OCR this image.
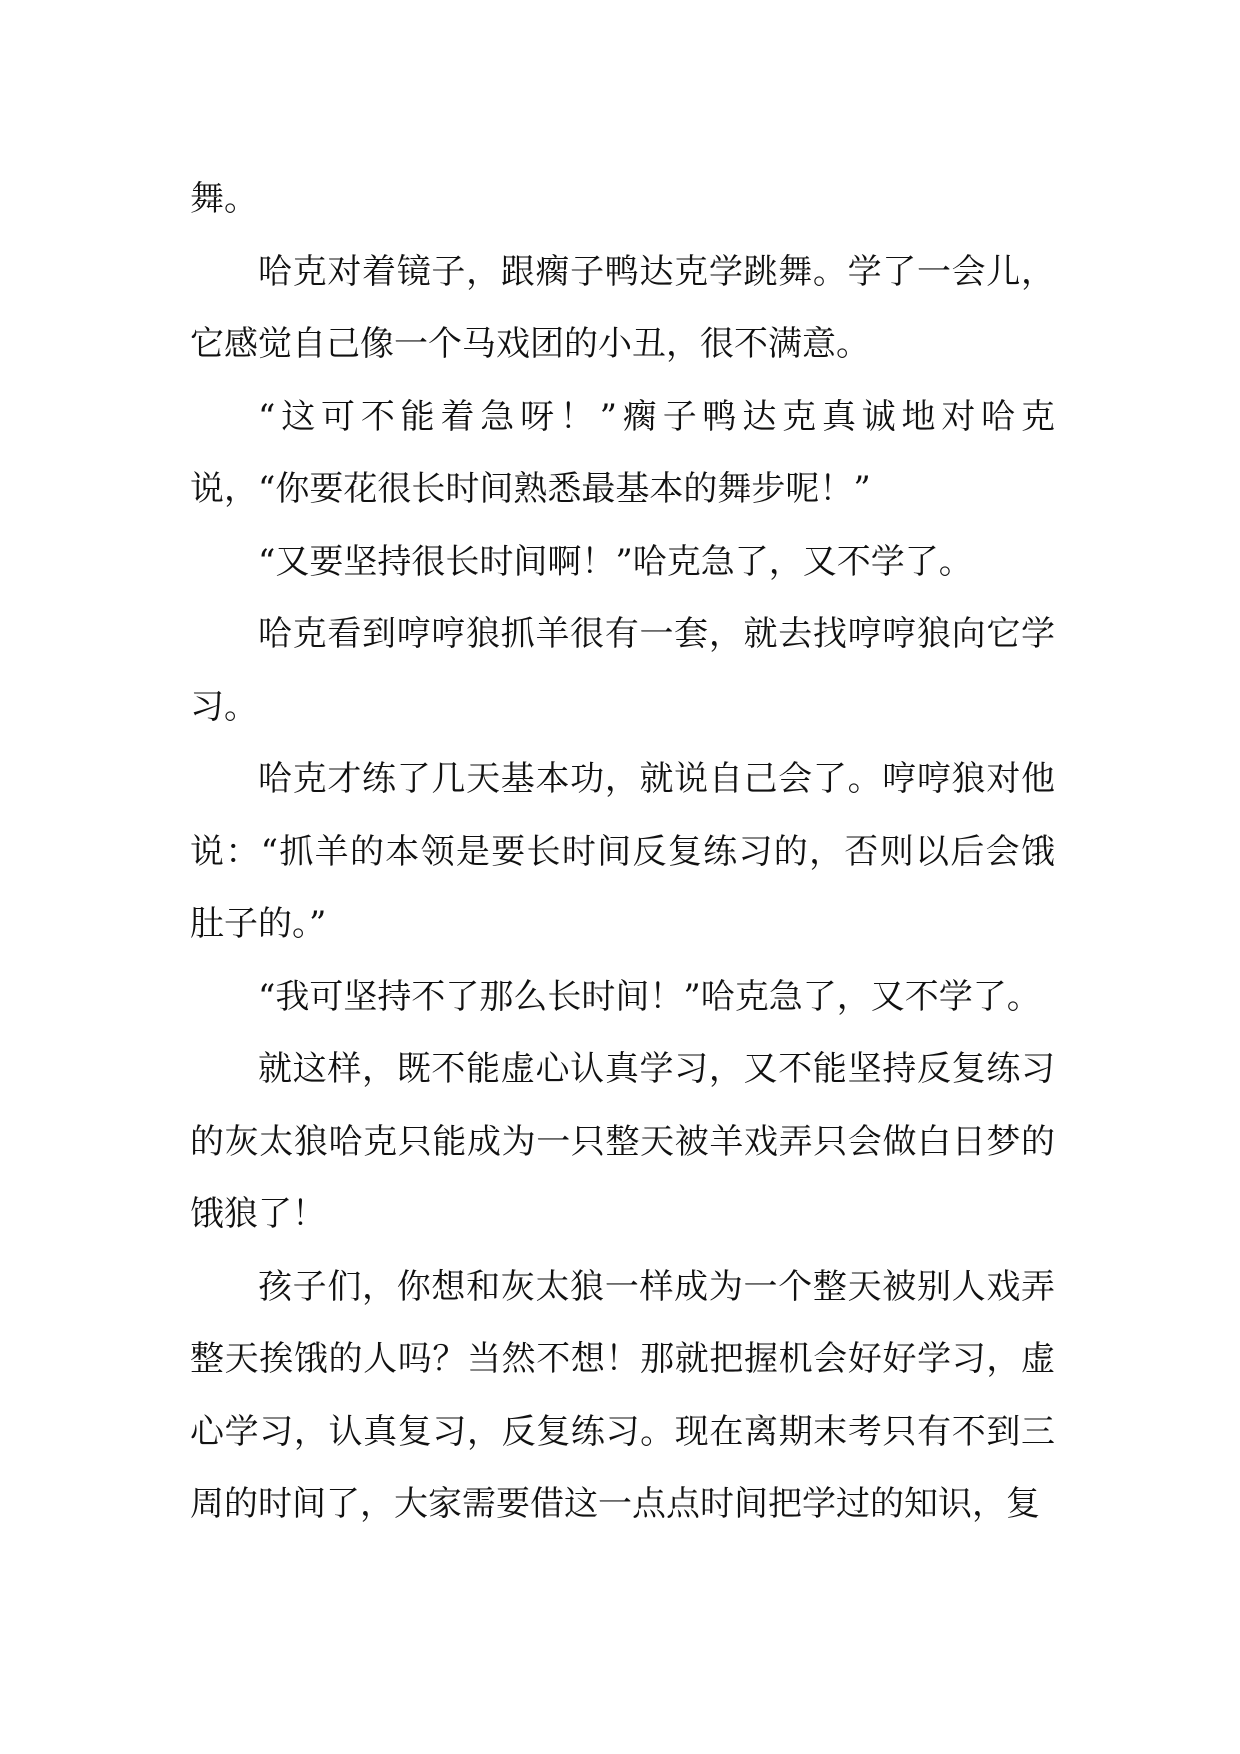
舞。

哈克对着镜子，跟瘸子鸭达克学跳舞。学了一会儿，它感觉自己像一个马戏团的小丑，很不满意。

“这可不能着急呀！”瘸子鸭达克真诚地对哈克说，“你要花很长时间熟悉最基本的舞步呢！”

“又要坚持很长时间啊！”哈克急了，又不学了。

哈克看到哼哼狼抓羊很有一套，就去找哼哼狼向它学习。

哈克才练了几天基本功，就说自己会了。哼哼狼对他说：“抓羊的本领是要长时间反复练习的，否则以后会饿肚子的。”

“我可坚持不了那么长时间！”哈克急了，又不学了。

就这样，既不能虚心认真学习，又不能坚持反复练习的灰太狼哈克只能成为一只整天被羊戏弄只会做白日梦的饿狼了！

孩子们，你想和灰太狼一样成为一个整天被别人戏弄整天挨饿的人吗？当然不想！那就把握机会好好学习，虚心学习，认真复习，反复练习。现在离期末考只有不到三周的时间了，大家需要借这一点点时间把学过的知识，复
